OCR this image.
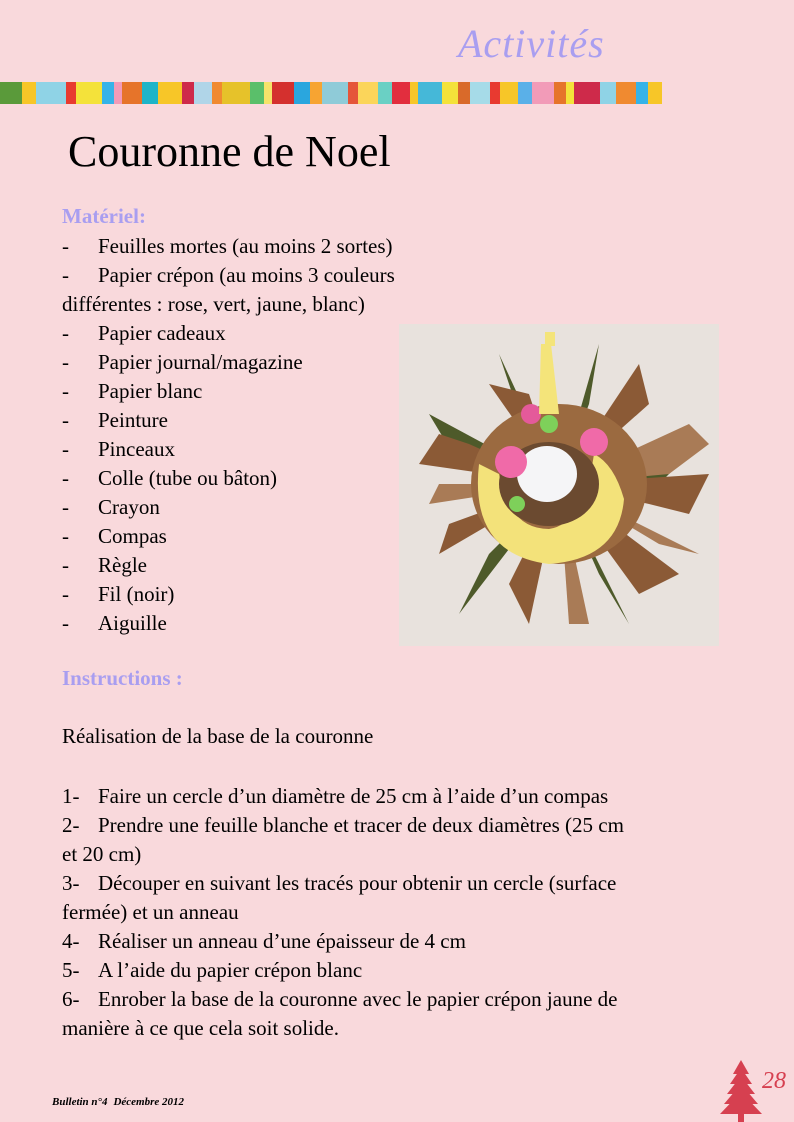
Activités
Couronne de Noel
Matériel:
-	Feuilles mortes (au moins 2 sortes)
-	Papier crépon (au moins 3 couleurs
différentes : rose, vert, jaune, blanc)
-	Papier cadeaux
-	Papier journal/magazine
-	Papier blanc
-	Peinture
-	Pinceaux
-	Colle (tube ou bâton)
-	Crayon
-	Compas
-	Règle
-	Fil (noir)
-	Aiguille
Instructions :
Réalisation de la base de la couronne
1- Faire un cercle d’un diamètre de 25 cm à l’aide d’un compas
2- Prendre une feuille blanche et tracer de deux diamètres (25 cm
et 20 cm)
3- Découper en suivant les tracés pour obtenir un cercle (surface
fermée) et un anneau
4- Réaliser un anneau d’une épaisseur de 4 cm
5- A l’aide du papier crépon blanc
6- Enrober la base de la couronne avec le papier crépon jaune de
manière à ce que cela soit solide.
Bulletin n°4 Décembre 2012
28
